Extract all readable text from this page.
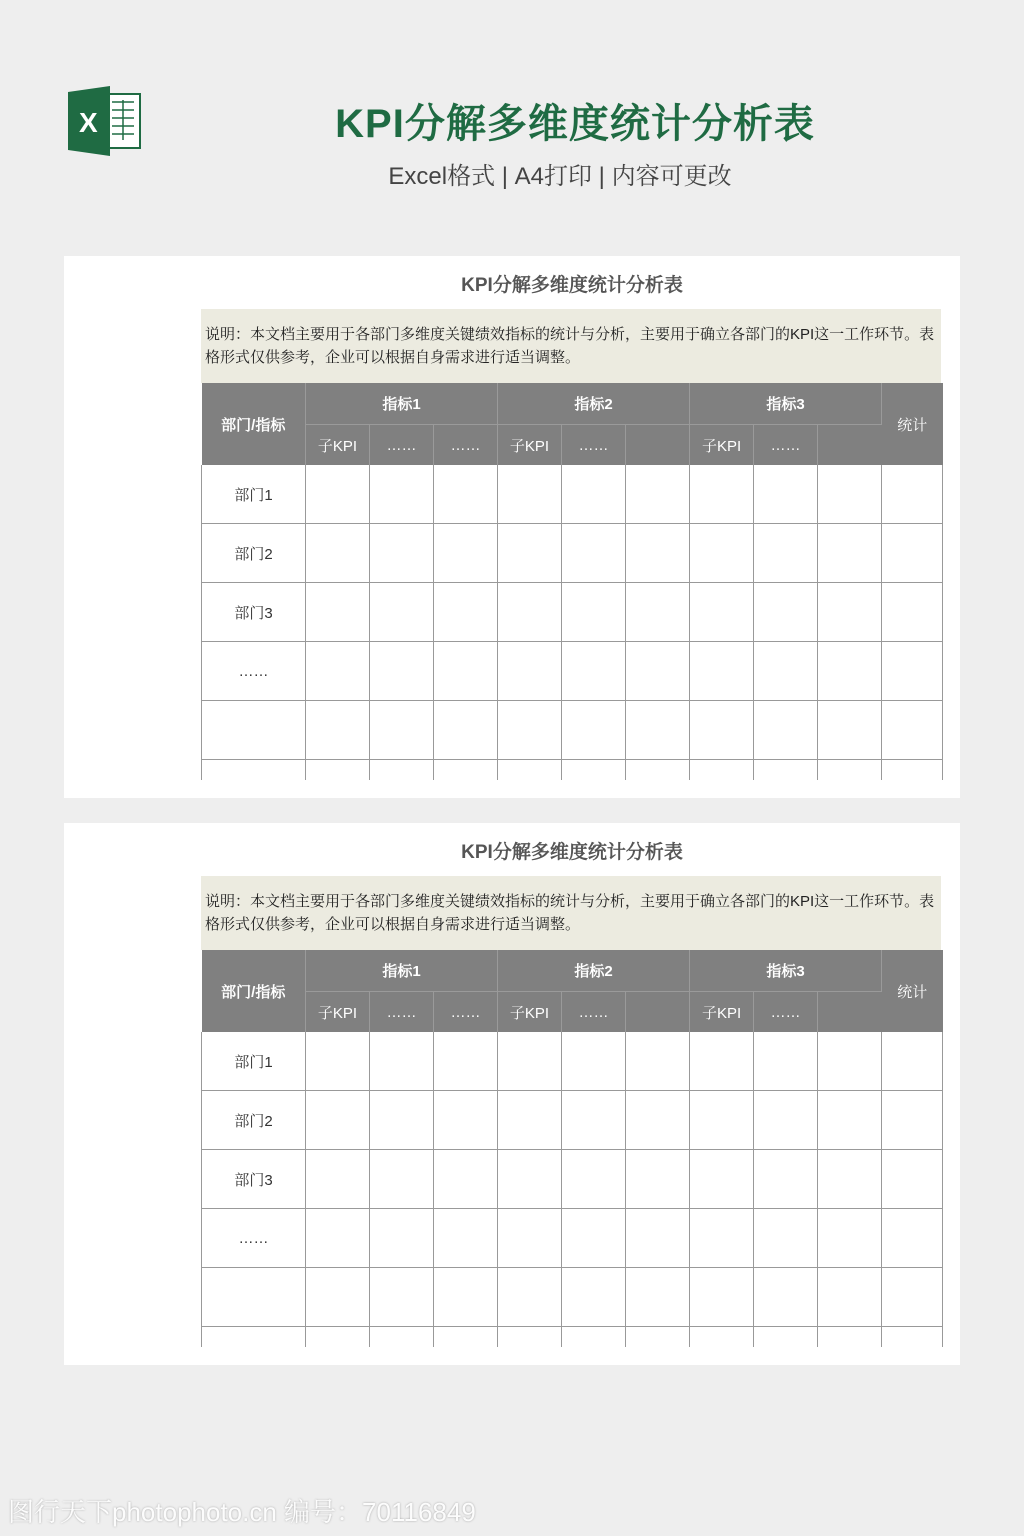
X	KPI分解多维度统计分析表
Excel格式 | A4打印 | 内容可更改
KPI分解多维度统计分析表
说明：本文档主要用于各部门多维度关键绩效指标的统计与分析，主要用于确立各部门的KPI这一工作环节。表格形式仅供参考，企业可以根据自身需求进行适当调整。
部门/指标	指标1			指标2			指标3			统计
	子KPI	……	……	子KPI	……		子KPI	……		
部门1										
部门2										
部门3										
……										

KPI分解多维度统计分析表
说明：本文档主要用于各部门多维度关键绩效指标的统计与分析，主要用于确立各部门的KPI这一工作环节。表格形式仅供参考，企业可以根据自身需求进行适当调整。
部门/指标	指标1			指标2			指标3			统计
	子KPI	……	……	子KPI	……		子KPI	……		
部门1										
部门2										
部门3										
……										

图行天下photophoto.cn 编号：70116849
